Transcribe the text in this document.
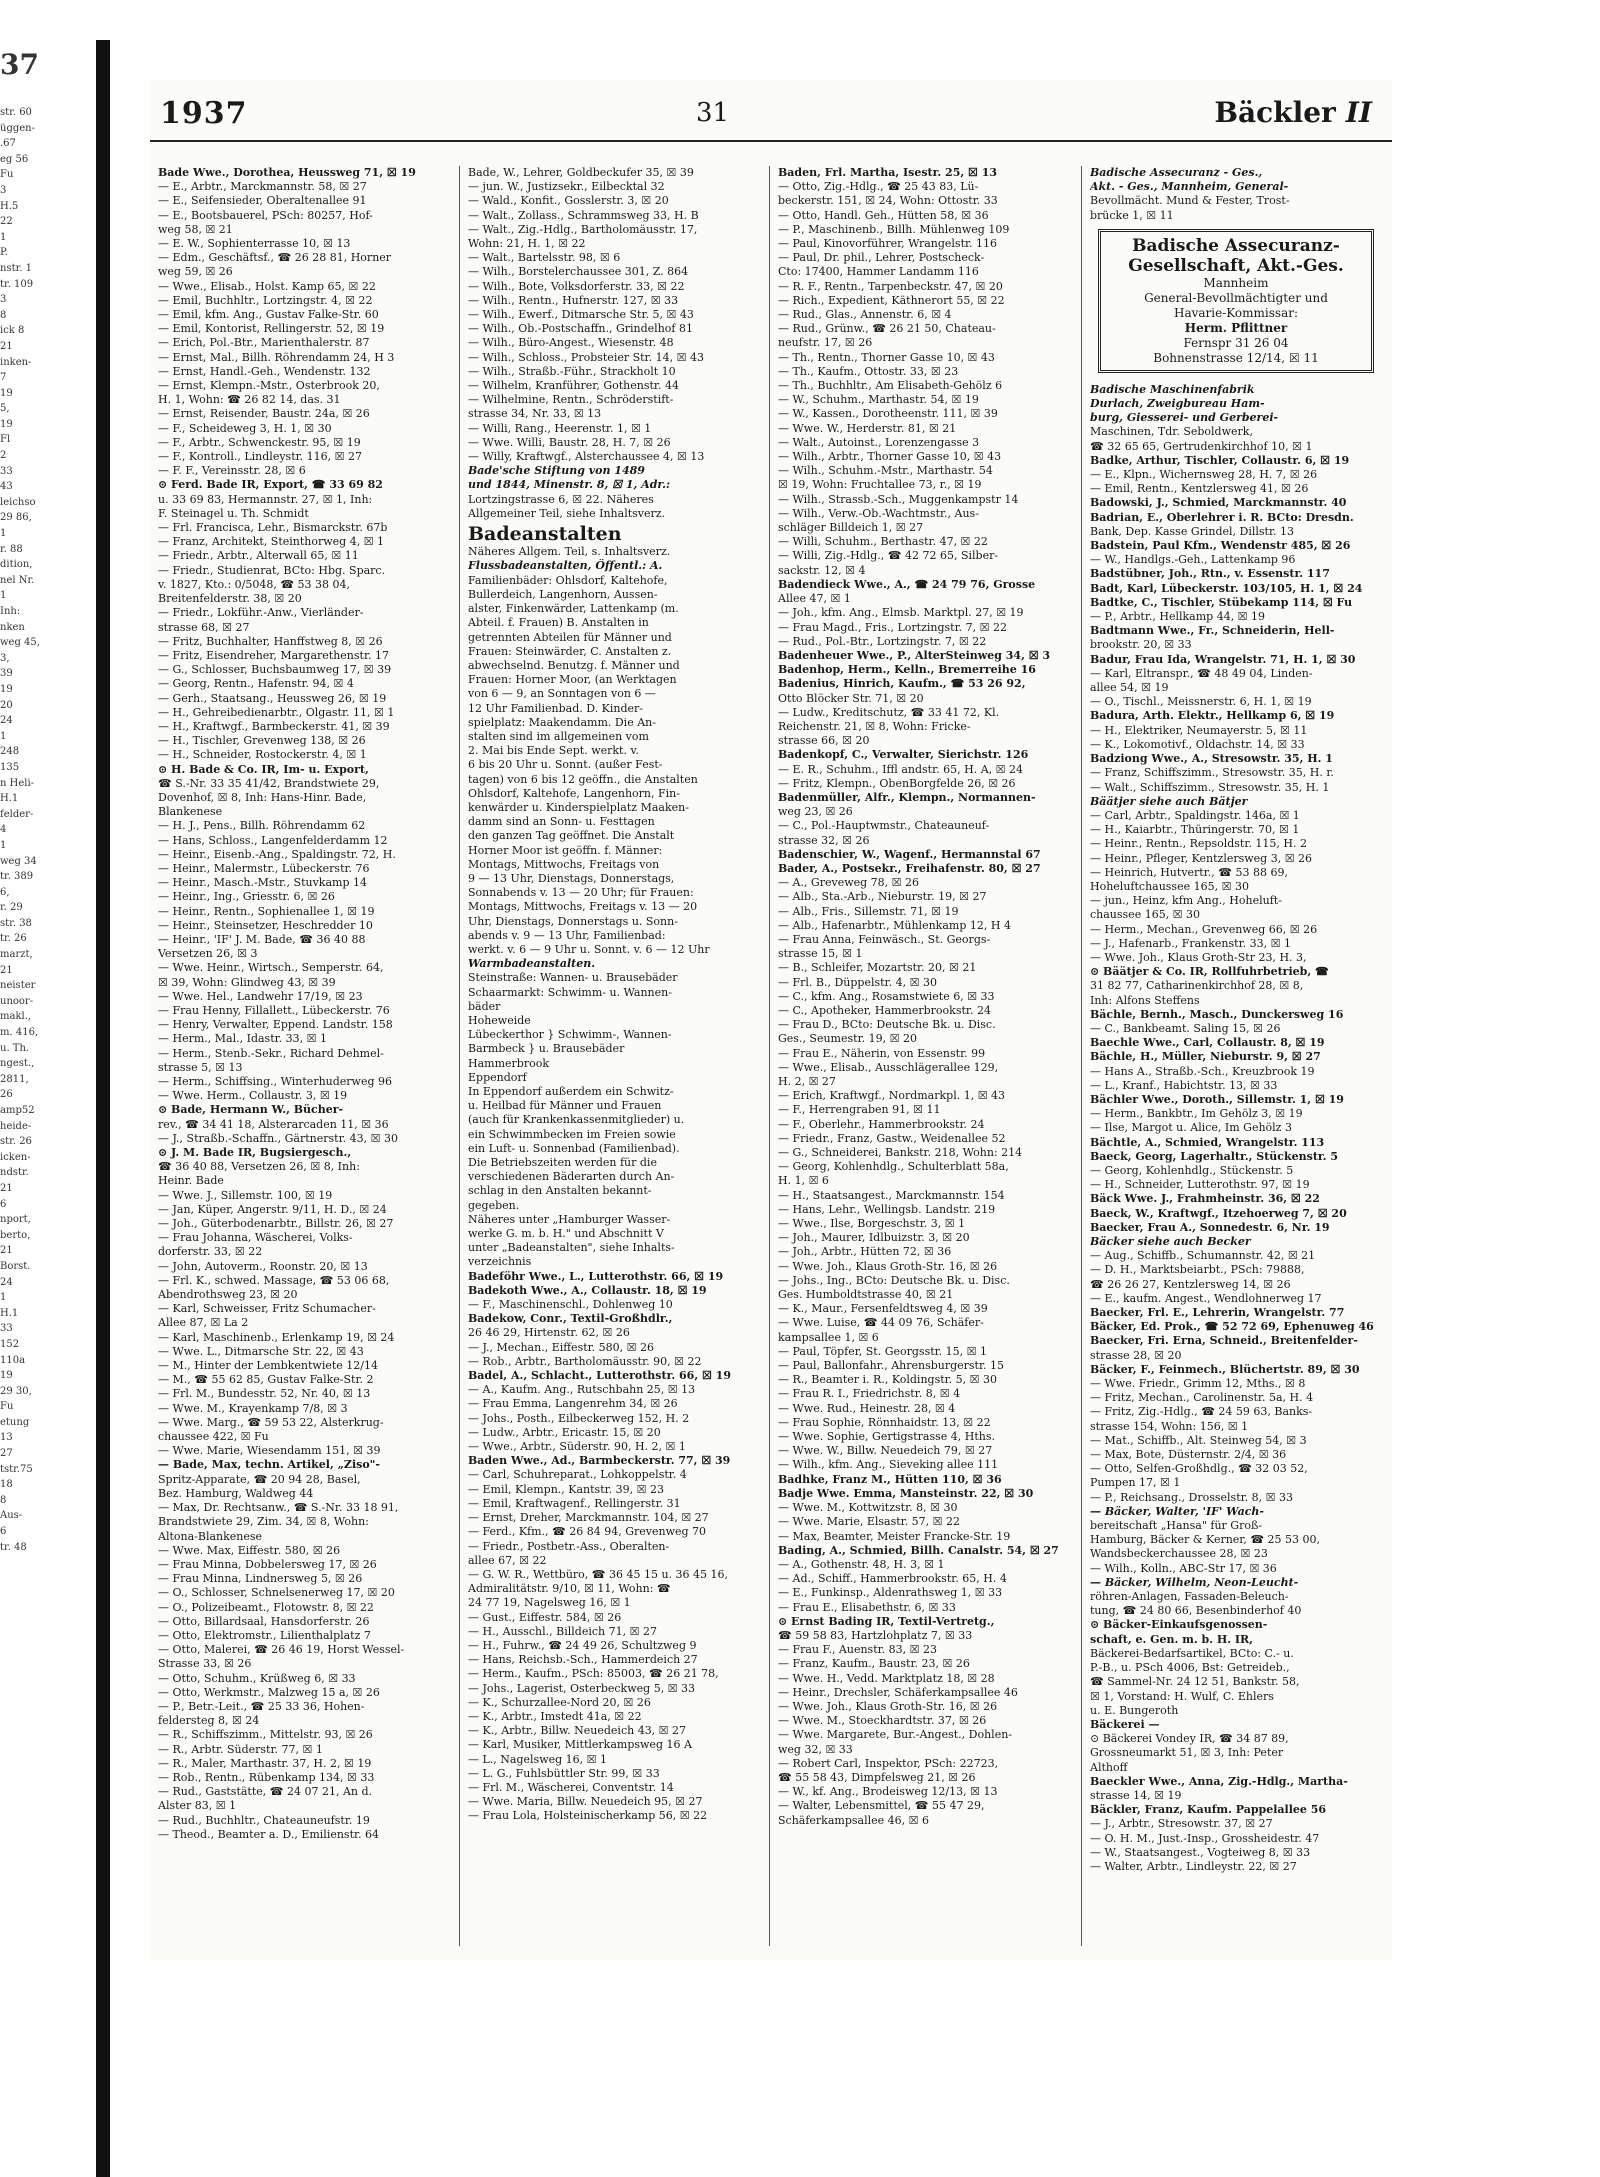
37
str. 60
üggen-
.67
eg 56
Fu
3
H.5
22
1
P.
nstr. 1
tr. 109
3
8
ick 8
21
inken-
7
19
5,
19
Fl
2
33
43
leichso
29 86,
1
r. 88
dition,
nel Nr.
1
Inh:
nken
weg 45,
3,
39
19
20
24
1
248
135
n Heli-
H.1
felder-
4
1
weg 34
tr. 389
6,
r. 29
str. 38
tr. 26
marzt,
21
neister
unoor-
makl.,
m. 416,
u. Th.
ngest.,
2811,
26
amp52
heide-
str. 26
icken-
ndstr.
21
6
nport,
berto,
21
Borst.
24
1
H.1
33
152
110a
19
29 30,
Fu
etung
13
27
tstr.75
18
8
Aus-
6
tr. 48
1937	31	Bäckler II

Bade Wwe., Dorothea, Heussweg 71, ☒ 19

— E., Arbtr., Marckmannstr. 58, ☒ 27

— E., Seifensieder, Oberaltenallee 91

— E., Bootsbauerel, PSch: 80257, Hof-

weg 58, ☒ 21

— E. W., Sophienterrasse 10, ☒ 13

— Edm., Geschäftsf., ☎ 26 28 81, Horner

weg 59, ☒ 26

— Wwe., Elisab., Holst. Kamp 65, ☒ 22

— Emil, Buchhltr., Lortzingstr. 4, ☒ 22

— Emil, kfm. Ang., Gustav Falke-Str. 60

— Emil, Kontorist, Rellingerstr. 52, ☒ 19

— Erich, Pol.-Btr., Marienthalerstr. 87

— Ernst, Mal., Billh. Röhrendamm 24, H 3

— Ernst, Handl.-Geh., Wendenstr. 132

— Ernst, Klempn.-Mstr., Osterbrook 20,

H. 1, Wohn: ☎ 26 82 14, das. 31

— Ernst, Reisender, Baustr. 24a, ☒ 26

— F., Scheideweg 3, H. 1, ☒ 30

— F., Arbtr., Schwenckestr. 95, ☒ 19

— F., Kontroll., Lindleystr. 116, ☒ 27

— F. F., Vereinsstr. 28, ☒ 6

⊙ Ferd. Bade IR, Export, ☎ 33 69 82

u. 33 69 83, Hermannstr. 27, ☒ 1, Inh:

F. Steinagel u. Th. Schmidt

— Frl. Francisca, Lehr., Bismarckstr. 67b

— Franz, Architekt, Steinthorweg 4, ☒ 1

— Friedr., Arbtr., Alterwall 65, ☒ 11

— Friedr., Studienrat, BCto: Hbg. Sparc.

v. 1827, Kto.: 0/5048, ☎ 53 38 04,

Breitenfelderstr. 38, ☒ 20

— Friedr., Lokführ.-Anw., Vierländer-

strasse 68, ☒ 27

— Fritz, Buchhalter, Hanffstweg 8, ☒ 26

— Fritz, Eisendreher, Margarethenstr. 17

— G., Schlosser, Buchsbaumweg 17, ☒ 39

— Georg, Rentn., Hafenstr. 94, ☒ 4

— Gerh., Staatsang., Heussweg 26, ☒ 19

— H., Gehreibedienarbtr., Olgastr. 11, ☒ 1

— H., Kraftwgf., Barmbeckerstr. 41, ☒ 39

— H., Tischler, Grevenweg 138, ☒ 26

— H., Schneider, Rostockerstr. 4, ☒ 1

⊙ H. Bade & Co. IR, Im- u. Export,

☎ S.-Nr. 33 35 41/42, Brandstwiete 29,

Dovenhof, ☒ 8, Inh: Hans-Hinr. Bade,

Blankenese

— H. J., Pens., Billh. Röhrendamm 62

— Hans, Schloss., Langenfelderdamm 12

— Heinr., Eisenb.-Ang., Spaldingstr. 72, H.

— Heinr., Malermstr., Lübeckerstr. 76

— Heinr., Masch.-Mstr., Stuvkamp 14

— Heinr., Ing., Griesstr. 6, ☒ 26

— Heinr., Rentn., Sophienallee 1, ☒ 19

— Heinr., Steinsetzer, Heschredder 10

— Heinr., 'IF' J. M. Bade, ☎ 36 40 88

Versetzen 26, ☒ 3

— Wwe. Heinr., Wirtsch., Semperstr. 64,

☒ 39, Wohn: Glindweg 43, ☒ 39

— Wwe. Hel., Landwehr 17/19, ☒ 23

— Frau Henny, Fillallett., Lübeckerstr. 76

— Henry, Verwalter, Eppend. Landstr. 158

— Herm., Mal., Idastr. 33, ☒ 1

— Herm., Stenb.-Sekr., Richard Dehmel-

strasse 5, ☒ 13

— Herm., Schiffsing., Winterhuderweg 96

— Wwe. Herm., Collaustr. 3, ☒ 19

⊙ Bade, Hermann W., Bücher-

rev., ☎ 34 41 18, Alsterarcaden 11, ☒ 36

— J., Straßb.-Schaffn., Gärtnerstr. 43, ☒ 30

⊙ J. M. Bade IR, Bugsiergesch.,

☎ 36 40 88, Versetzen 26, ☒ 8, Inh:

Heinr. Bade

— Wwe. J., Sillemstr. 100, ☒ 19

— Jan, Küper, Angerstr. 9/11, H. D., ☒ 24

— Joh., Güterbodenarbtr., Billstr. 26, ☒ 27

— Frau Johanna, Wäscherei, Volks-

dorferstr. 33, ☒ 22

— John, Autoverm., Roonstr. 20, ☒ 13

— Frl. K., schwed. Massage, ☎ 53 06 68,

Abendrothsweg 23, ☒ 20

— Karl, Schweisser, Fritz Schumacher-

Allee 87, ☒ La 2

— Karl, Maschinenb., Erlenkamp 19, ☒ 24

— Wwe. L., Ditmarsche Str. 22, ☒ 43

— M., Hinter der Lembkentwiete 12/14

— M., ☎ 55 62 85, Gustav Falke-Str. 2

— Frl. M., Bundesstr. 52, Nr. 40, ☒ 13

— Wwe. M., Krayenkamp 7/8, ☒ 3

— Wwe. Marg., ☎ 59 53 22, Alsterkrug-

chaussee 422, ☒ Fu

— Wwe. Marie, Wiesendamm 151, ☒ 39

— Bade, Max, techn. Artikel, „Ziso"-

Spritz-Apparate, ☎ 20 94 28, Basel,

Bez. Hamburg, Waldweg 44

— Max, Dr. Rechtsanw., ☎ S.-Nr. 33 18 91,

Brandstwiete 29, Zim. 34, ☒ 8, Wohn:

Altona-Blankenese

— Wwe. Max, Eiffestr. 580, ☒ 26

— Frau Minna, Dobbelersweg 17, ☒ 26

— Frau Minna, Lindnersweg 5, ☒ 26

— O., Schlosser, Schnelsenerweg 17, ☒ 20

— O., Polizeibeamt., Flotowstr. 8, ☒ 22

— Otto, Billardsaal, Hansdorferstr. 26

— Otto, Elektromstr., Lilienthalplatz 7

— Otto, Malerei, ☎ 26 46 19, Horst Wessel-

Strasse 33, ☒ 26

— Otto, Schuhm., Krüßweg 6, ☒ 33

— Otto, Werkmstr., Malzweg 15 a, ☒ 26

— P., Betr.-Leit., ☎ 25 33 36, Hohen-

feldersteg 8, ☒ 24

— R., Schiffszimm., Mittelstr. 93, ☒ 26

— R., Arbtr. Süderstr. 77, ☒ 1

— R., Maler, Marthastr. 37, H. 2, ☒ 19

— Rob., Rentn., Rübenkamp 134, ☒ 33

— Rud., Gaststätte, ☎ 24 07 21, An d.

Alster 83, ☒ 1

— Rud., Buchhltr., Chateauneufstr. 19

— Theod., Beamter a. D., Emilienstr. 64

Bade, W., Lehrer, Goldbeckufer 35, ☒ 39

— jun. W., Justizsekr., Eilbecktal 32

— Wald., Konfit., Gosslerstr. 3, ☒ 20

— Walt., Zollass., Schrammsweg 33, H. B

— Walt., Zig.-Hdlg., Bartholomäusstr. 17,

Wohn: 21, H. 1, ☒ 22

— Walt., Bartelsstr. 98, ☒ 6

— Wilh., Borstelerchaussee 301, Z. 864

— Wilh., Bote, Volksdorferstr. 33, ☒ 22

— Wilh., Rentn., Hufnerstr. 127, ☒ 33

— Wilh., Ewerf., Ditmarsche Str. 5, ☒ 43

— Wilh., Ob.-Postschaffn., Grindelhof 81

— Wilh., Büro-Angest., Wiesenstr. 48

— Wilh., Schloss., Probsteier Str. 14, ☒ 43

— Wilh., Straßb.-Führ., Strackholt 10

— Wilhelm, Kranführer, Gothenstr. 44

— Wilhelmine, Rentn., Schröderstift-

strasse 34, Nr. 33, ☒ 13

— Willi, Rang., Heerenstr. 1, ☒ 1

— Wwe. Willi, Baustr. 28, H. 7, ☒ 26

— Willy, Kraftwgf., Alsterchaussee 4, ☒ 13

Bade'sche Stiftung von 1489

und 1844, Minenstr. 8, ☒ 1, Adr.:

Lortzingstrasse 6, ☒ 22. Näheres

Allgemeiner Teil, siehe Inhaltsverz.

Badeanstalten

Näheres Allgem. Teil, s. Inhaltsverz.

Flussbadeanstalten, Öffentl.: A.

Familienbäder: Ohlsdorf, Kaltehofe,

Bullerdeich, Langenhorn, Aussen-

alster, Finkenwärder, Lattenkamp (m.

Abteil. f. Frauen) B. Anstalten in

getrennten Abteilen für Männer und

Frauen: Steinwärder, C. Anstalten z.

abwechselnd. Benutzg. f. Männer und

Frauen: Horner Moor, (an Werktagen

von 6 — 9, an Sonntagen von 6 —

12 Uhr Familienbad. D. Kinder-

spielplatz: Maakendamm. Die An-

stalten sind im allgemeinen vom

2. Mai bis Ende Sept. werkt. v.

6 bis 20 Uhr u. Sonnt. (außer Fest-

tagen) von 6 bis 12 geöffn., die Anstalten

Ohlsdorf, Kaltehofe, Langenhorn, Fin-

kenwärder u. Kinderspielplatz Maaken-

damm sind an Sonn- u. Festtagen

den ganzen Tag geöffnet. Die Anstalt

Horner Moor ist geöffn. f. Männer:

Montags, Mittwochs, Freitags von

9 — 13 Uhr, Dienstags, Donnerstags,

Sonnabends v. 13 — 20 Uhr; für Frauen:

Montags, Mittwochs, Freitags v. 13 — 20

Uhr, Dienstags, Donnerstags u. Sonn-

abends v. 9 — 13 Uhr, Familienbad:

werkt. v. 6 — 9 Uhr u. Sonnt. v. 6 — 12 Uhr

Warmbadeanstalten.

Steinstraße: Wannen- u. Brausebäder

Schaarmarkt: Schwimm- u. Wannen-

bäder

Hoheweide

Lübeckerthor } Schwimm-, Wannen-

Barmbeck } u. Brausebäder

Hammerbrook

Eppendorf

In Eppendorf außerdem ein Schwitz-

u. Heilbad für Männer und Frauen

(auch für Krankenkassenmitglieder) u.

ein Schwimmbecken im Freien sowie

ein Luft- u. Sonnenbad (Familienbad).

Die Betriebszeiten werden für die

verschiedenen Bäderarten durch An-

schlag in den Anstalten bekannt-

gegeben.

Näheres unter „Hamburger Wasser-

werke G. m. b. H." und Abschnitt V

unter „Badeanstalten", siehe Inhalts-

verzeichnis

Badeföhr Wwe., L., Lutterothstr. 66, ☒ 19

Badekoth Wwe., A., Collaustr. 18, ☒ 19

— F., Maschinenschl., Dohlenweg 10

Badekow, Conr., Textil-Großhdlr.,

26 46 29, Hirtenstr. 62, ☒ 26

— J., Mechan., Eiffestr. 580, ☒ 26

— Rob., Arbtr., Bartholomäusstr. 90, ☒ 22

Badel, A., Schlacht., Lutterothstr. 66, ☒ 19

— A., Kaufm. Ang., Rutschbahn 25, ☒ 13

— Frau Emma, Langenrehm 34, ☒ 26

— Johs., Posth., Eilbeckerweg 152, H. 2

— Ludw., Arbtr., Ericastr. 15, ☒ 20

— Wwe., Arbtr., Süderstr. 90, H. 2, ☒ 1

Baden Wwe., Ad., Barmbeckerstr. 77, ☒ 39

— Carl, Schuhreparat., Lohkoppelstr. 4

— Emil, Klempn., Kantstr. 39, ☒ 23

— Emil, Kraftwagenf., Rellingerstr. 31

— Ernst, Dreher, Marckmannstr. 104, ☒ 27

— Ferd., Kfm., ☎ 26 84 94, Grevenweg 70

— Friedr., Postbetr.-Ass., Oberalten-

allee 67, ☒ 22

— G. W. R., Wettbüro, ☎ 36 45 15 u. 36 45 16,

Admiralitätstr. 9/10, ☒ 11, Wohn: ☎

24 77 19, Nagelsweg 16, ☒ 1

— Gust., Eiffestr. 584, ☒ 26

— H., Ausschl., Billdeich 71, ☒ 27

— H., Fuhrw., ☎ 24 49 26, Schultzweg 9

— Hans, Reichsb.-Sch., Hammerdeich 27

— Herm., Kaufm., PSch: 85003, ☎ 26 21 78,

— Johs., Lagerist, Osterbeckweg 5, ☒ 33

— K., Schurzallee-Nord 20, ☒ 26

— K., Arbtr., Imstedt 41a, ☒ 22

— K., Arbtr., Billw. Neuedeich 43, ☒ 27

— Karl, Musiker, Mittlerkampsweg 16 A

— L., Nagelsweg 16, ☒ 1

— L. G., Fuhlsbüttler Str. 99, ☒ 33

— Frl. M., Wäscherei, Conventstr. 14

— Wwe. Maria, Billw. Neuedeich 95, ☒ 27

— Frau Lola, Holsteinischerkamp 56, ☒ 22

Baden, Frl. Martha, Isestr. 25, ☒ 13

— Otto, Zig.-Hdlg., ☎ 25 43 83, Lü-

beckerstr. 151, ☒ 24, Wohn: Ottostr. 33

— Otto, Handl. Geh., Hütten 58, ☒ 36

— P., Maschinenb., Billh. Mühlenweg 109

— Paul, Kinovorführer, Wrangelstr. 116

— Paul, Dr. phil., Lehrer, Postscheck-

Cto: 17400, Hammer Landamm 116

— R. F., Rentn., Tarpenbeckstr. 47, ☒ 20

— Rich., Expedient, Käthnerort 55, ☒ 22

— Rud., Glas., Annenstr. 6, ☒ 4

— Rud., Grünw., ☎ 26 21 50, Chateau-

neufstr. 17, ☒ 26

— Th., Rentn., Thorner Gasse 10, ☒ 43

— Th., Kaufm., Ottostr. 33, ☒ 23

— Th., Buchhltr., Am Elisabeth-Gehölz 6

— W., Schuhm., Marthastr. 54, ☒ 19

— W., Kassen., Dorotheenstr. 111, ☒ 39

— Wwe. W., Herderstr. 81, ☒ 21

— Walt., Autoinst., Lorenzengasse 3

— Wilh., Arbtr., Thorner Gasse 10, ☒ 43

— Wilh., Schuhm.-Mstr., Marthastr. 54

☒ 19, Wohn: Fruchtallee 73, r., ☒ 19

— Wilh., Strassb.-Sch., Muggenkampstr 14

— Wilh., Verw.-Ob.-Wachtmstr., Aus-

schläger Billdeich 1, ☒ 27

— Willi, Schuhm., Berthastr. 47, ☒ 22

— Willi, Zig.-Hdlg., ☎ 42 72 65, Silber-

sackstr. 12, ☒ 4

Badendieck Wwe., A., ☎ 24 79 76, Grosse

Allee 47, ☒ 1

— Joh., kfm. Ang., Elmsb. Marktpl. 27, ☒ 19

— Frau Magd., Fris., Lortzingstr. 7, ☒ 22

— Rud., Pol.-Btr., Lortzingstr. 7, ☒ 22

Badenheuer Wwe., P., AlterSteinweg 34, ☒ 3

Badenhop, Herm., Kelln., Bremerreihe 16

Badenius, Hinrich, Kaufm., ☎ 53 26 92,

Otto Blöcker Str. 71, ☒ 20

— Ludw., Kreditschutz, ☎ 33 41 72, Kl.

Reichenstr. 21, ☒ 8, Wohn: Fricke-

strasse 66, ☒ 20

Badenkopf, C., Verwalter, Sierichstr. 126

— E. R., Schuhm., Iffl andstr. 65, H. A, ☒ 24

— Fritz, Klempn., ObenBorgfelde 26, ☒ 26

Badenmüller, Alfr., Klempn., Normannen-

weg 23, ☒ 26

— C., Pol.-Hauptwmstr., Chateauneuf-

strasse 32, ☒ 26

Badenschier, W., Wagenf., Hermannstal 67

Bader, A., Postsekr., Freihafenstr. 80, ☒ 27

— A., Greveweg 78, ☒ 26

— Alb., Sta.-Arb., Nieburstr. 19, ☒ 27

— Alb., Fris., Sillemstr. 71, ☒ 19

— Alb., Hafenarbtr., Mühlenkamp 12, H 4

— Frau Anna, Feinwäsch., St. Georgs-

strasse 15, ☒ 1

— B., Schleifer, Mozartstr. 20, ☒ 21

— Frl. B., Düppelstr. 4, ☒ 30

— C., kfm. Ang., Rosamstwiete 6, ☒ 33

— C., Apotheker, Hammerbrookstr. 24

— Frau D., BCto: Deutsche Bk. u. Disc.

Ges., Seumestr. 19, ☒ 20

— Frau E., Näherin, von Essenstr. 99

— Wwe., Elisab., Ausschlägerallee 129,

H. 2, ☒ 27

— Erich, Kraftwgf., Nordmarkpl. 1, ☒ 43

— F., Herrengraben 91, ☒ 11

— F., Oberlehr., Hammerbrookstr. 24

— Friedr., Franz, Gastw., Weidenallee 52

— G., Schneiderei, Bankstr. 218, Wohn: 214

— Georg, Kohlenhdlg., Schulterblatt 58a,

H. 1, ☒ 6

— H., Staatsangest., Marckmannstr. 154

— Hans, Lehr., Wellingsb. Landstr. 219

— Wwe., Ilse, Borgeschstr. 3, ☒ 1

— Joh., Maurer, Idlbuizstr. 3, ☒ 20

— Joh., Arbtr., Hütten 72, ☒ 36

— Wwe. Joh., Klaus Groth-Str. 16, ☒ 26

— Johs., Ing., BCto: Deutsche Bk. u. Disc.

Ges. Humboldtstrasse 40, ☒ 21

— K., Maur., Fersenfeldtsweg 4, ☒ 39

— Wwe. Luise, ☎ 44 09 76, Schäfer-

kampsallee 1, ☒ 6

— Paul, Töpfer, St. Georgsstr. 15, ☒ 1

— Paul, Ballonfahr., Ahrensburgerstr. 15

— R., Beamter i. R., Koldingstr. 5, ☒ 30

— Frau R. I., Friedrichstr. 8, ☒ 4

— Wwe. Rud., Heinestr. 28, ☒ 4

— Frau Sophie, Rönnhaidstr. 13, ☒ 22

— Wwe. Sophie, Gertigstrasse 4, Hths.

— Wwe. W., Billw. Neuedeich 79, ☒ 27

— Wilh., kfm. Ang., Sieveking allee 111

Badhke, Franz M., Hütten 110, ☒ 36

Badje Wwe. Emma, Mansteinstr. 22, ☒ 30

— Wwe. M., Kottwitzstr. 8, ☒ 30

— Wwe. Marie, Elsastr. 57, ☒ 22

— Max, Beamter, Meister Francke-Str. 19

Bading, A., Schmied, Billh. Canalstr. 54, ☒ 27

— A., Gothenstr. 48, H. 3, ☒ 1

— Ad., Schiff., Hammerbrookstr. 65, H. 4

— E., Funkinsp., Aldenrathsweg 1, ☒ 33

— Frau E., Elisabethstr. 6, ☒ 33

⊙ Ernst Bading IR, Textil-Vertretg.,

☎ 59 58 83, Hartzlohplatz 7, ☒ 33

— Frau F., Auenstr. 83, ☒ 23

— Franz, Kaufm., Baustr. 23, ☒ 26

— Wwe. H., Vedd. Marktplatz 18, ☒ 28

— Heinr., Drechsler, Schäferkampsallee 46

— Wwe. Joh., Klaus Groth-Str. 16, ☒ 26

— Wwe. M., Stoeckhardtstr. 37, ☒ 26

— Wwe. Margarete, Bur.-Angest., Dohlen-

weg 32, ☒ 33

— Robert Carl, Inspektor, PSch: 22723,

☎ 55 58 43, Dimpfelsweg 21, ☒ 26

— W., kf. Ang., Brodeisweg 12/13, ☒ 13

— Walter, Lebensmittel, ☎ 55 47 29,

Schäferkampsallee 46, ☒ 6

Badische Assecuranz - Ges.,

Akt. - Ges., Mannheim, General-

Bevollmächt. Mund & Fester, Trost-

brücke 1, ☒ 11

Badische Assecuranz-
Gesellschaft, Akt.-Ges.
Mannheim
General-Bevollmächtigter und
Havarie-Kommissar:
Herm. Pflittner
Fernspr 31 26 04
Bohnenstrasse 12/14, ☒ 11

Badische Maschinenfabrik

Durlach, Zweigbureau Ham-

burg, Giesserei- und Gerberei-

Maschinen, Tdr. Seboldwerk,

☎ 32 65 65, Gertrudenkirchhof 10, ☒ 1

Badke, Arthur, Tischler, Collaustr. 6, ☒ 19

— E., Klpn., Wichernsweg 28, H. 7, ☒ 26

— Emil, Rentn., Kentzlersweg 41, ☒ 26

Badowski, J., Schmied, Marckmannstr. 40

Badrian, E., Oberlehrer i. R. BCto: Dresdn.

Bank, Dep. Kasse Grindel, Dillstr. 13

Badstein, Paul Kfm., Wendenstr 485, ☒ 26

— W., Handlgs.-Geh., Lattenkamp 96

Badstübner, Joh., Rtn., v. Essenstr. 117

Badt, Karl, Lübeckerstr. 103/105, H. 1, ☒ 24

Badtke, C., Tischler, Stübekamp 114, ☒ Fu

— P., Arbtr., Hellkamp 44, ☒ 19

Badtmann Wwe., Fr., Schneiderin, Hell-

brookstr. 20, ☒ 33

Badur, Frau Ida, Wrangelstr. 71, H. 1, ☒ 30

— Karl, Eltranspr., ☎ 48 49 04, Linden-

allee 54, ☒ 19

— O., Tischl., Meissnerstr. 6, H. 1, ☒ 19

Badura, Arth. Elektr., Hellkamp 6, ☒ 19

— H., Elektriker, Neumayerstr. 5, ☒ 11

— K., Lokomotivf., Oldachstr. 14, ☒ 33

Badziong Wwe., A., Stresowstr. 35, H. 1

— Franz, Schiffszimm., Stresowstr. 35, H. r.

— Walt., Schiffszimm., Stresowstr. 35, H. 1

Bäätjer siehe auch Bätjer

— Carl, Arbtr., Spaldingstr. 146a, ☒ 1

— H., Kaiarbtr., Thüringerstr. 70, ☒ 1

— Heinr., Rentn., Repsoldstr. 115, H. 2

— Heinr., Pfleger, Kentzlersweg 3, ☒ 26

— Heinrich, Hutvertr., ☎ 53 88 69,

Hoheluftchaussee 165, ☒ 30

— jun., Heinz, kfm Ang., Hoheluft-

chaussee 165, ☒ 30

— Herm., Mechan., Grevenweg 66, ☒ 26

— J., Hafenarb., Frankenstr. 33, ☒ 1

— Wwe. Joh., Klaus Groth-Str 23, H. 3,

⊙ Bäätjer & Co. IR, Rollfuhrbetrieb, ☎

31 82 77, Catharinenkirchhof 28, ☒ 8,

Inh: Alfons Steffens

Bächle, Bernh., Masch., Dunckersweg 16

— C., Bankbeamt. Saling 15, ☒ 26

Baechle Wwe., Carl, Collaustr. 8, ☒ 19

Bächle, H., Müller, Nieburstr. 9, ☒ 27

— Hans A., Straßb.-Sch., Kreuzbrook 19

— L., Kranf., Habichtstr. 13, ☒ 33

Bächler Wwe., Doroth., Sillemstr. 1, ☒ 19

— Herm., Bankbtr., Im Gehölz 3, ☒ 19

— Ilse, Margot u. Alice, Im Gehölz 3

Bächtle, A., Schmied, Wrangelstr. 113

Baeck, Georg, Lagerhaltr., Stückenstr. 5

— Georg, Kohlenhdlg., Stückenstr. 5

— H., Schneider, Lutterothstr. 97, ☒ 19

Bäck Wwe. J., Frahmheinstr. 36, ☒ 22

Baeck, W., Kraftwgf., Itzehoerweg 7, ☒ 20

Baecker, Frau A., Sonnedestr. 6, Nr. 19

Bäcker siehe auch Becker

— Aug., Schiffb., Schumannstr. 42, ☒ 21

— D. H., Marktsbeiarbt., PSch: 79888,

☎ 26 26 27, Kentzlersweg 14, ☒ 26

— E., kaufm. Angest., Wendlohnerweg 17

Baecker, Frl. E., Lehrerin, Wrangelstr. 77

Bäcker, Ed. Prok., ☎ 52 72 69, Ephenuweg 46

Baecker, Fri. Erna, Schneid., Breitenfelder-

strasse 28, ☒ 20

Bäcker, F., Feinmech., Blüchertstr. 89, ☒ 30

— Wwe. Friedr., Grimm 12, Mths., ☒ 8

— Fritz, Mechan., Carolinenstr. 5a, H. 4

— Fritz, Zig.-Hdlg., ☎ 24 59 63, Banks-

strasse 154, Wohn: 156, ☒ 1

— Mat., Schiffb., Alt. Steinweg 54, ☒ 3

— Max, Bote, Düsternstr. 2/4, ☒ 36

— Otto, Selfen-Großhdlg., ☎ 32 03 52,

Pumpen 17, ☒ 1

— P., Reichsang., Drosselstr. 8, ☒ 33

— Bäcker, Walter, 'IF' Wach-

bereitschaft „Hansa" für Groß-

Hamburg, Bäcker & Kerner, ☎ 25 53 00,

Wandsbeckerchaussee 28, ☒ 23

— Wilh., Kolln., ABC-Str 17, ☒ 36

— Bäcker, Wilhelm, Neon-Leucht-

röhren-Anlagen, Fassaden-Beleuch-

tung, ☎ 24 80 66, Besenbinderhof 40

⊙ Bäcker-Einkaufsgenossen-

schaft, e. Gen. m. b. H. IR,

Bäckerei-Bedarfsartikel, BCto: C.- u.

P.-B., u. PSch 4006, Bst: Getreideb.,

☎ Sammel-Nr. 24 12 51, Bankstr. 58,

☒ 1, Vorstand: H. Wulf, C. Ehlers

u. E. Bungeroth

Bäckerei —

⊙ Bäckerei Vondey IR, ☎ 34 87 89,

Grossneumarkt 51, ☒ 3, Inh: Peter

Althoff

Baeckler Wwe., Anna, Zig.-Hdlg., Martha-

strasse 14, ☒ 19

Bäckler, Franz, Kaufm. Pappelallee 56

— J., Arbtr., Stresowstr. 37, ☒ 27

— O. H. M., Just.-Insp., Grossheidestr. 47

— W., Staatsangest., Vogteiweg 8, ☒ 33

— Walter, Arbtr., Lindleystr. 22, ☒ 27
